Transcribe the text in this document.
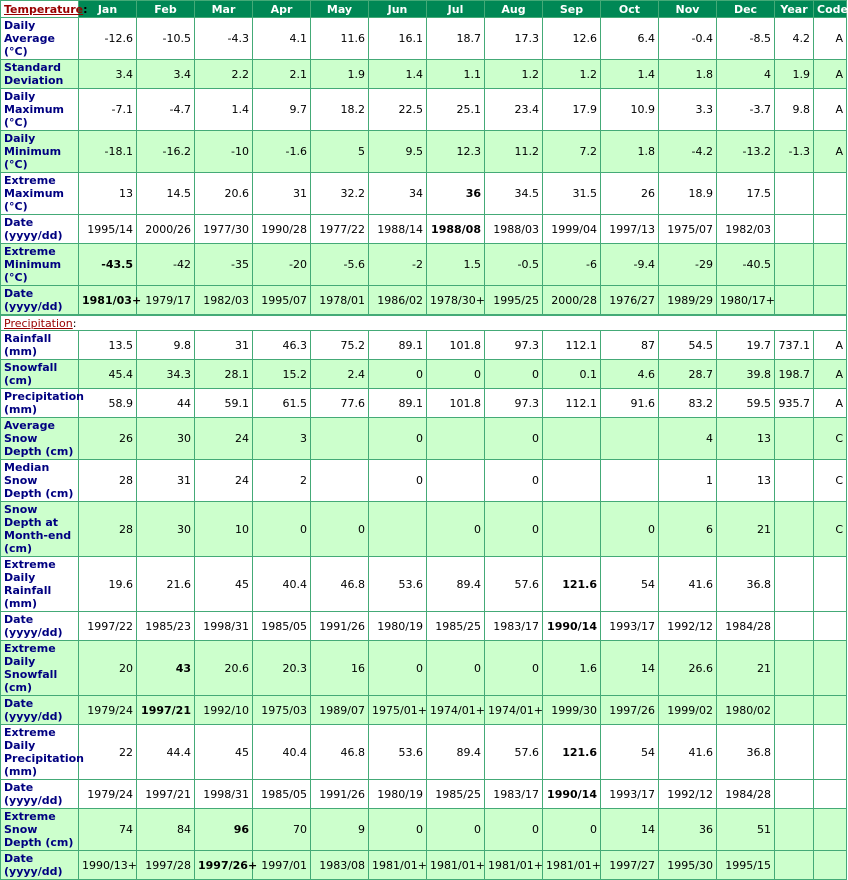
Temperature:	Jan	Feb	Mar	Apr	May	Jun	Jul	Aug	Sep	Oct	Nov	Dec	Year	Code
Daily Average (°C)	-12.6	-10.5	-4.3	4.1	11.6	16.1	18.7	17.3	12.6	6.4	-0.4	-8.5	4.2	A
Standard Deviation	3.4	3.4	2.2	2.1	1.9	1.4	1.1	1.2	1.2	1.4	1.8	4	1.9	A
Daily Maximum (°C)	-7.1	-4.7	1.4	9.7	18.2	22.5	25.1	23.4	17.9	10.9	3.3	-3.7	9.8	A
Daily Minimum (°C)	-18.1	-16.2	-10	-1.6	5	9.5	12.3	11.2	7.2	1.8	-4.2	-13.2	-1.3	A
Extreme Maximum (°C)	13	14.5	20.6	31	32.2	34	36	34.5	31.5	26	18.9	17.5		
Date (yyyy/dd)	1995/14	2000/26	1977/30	1990/28	1977/22	1988/14	1988/08	1988/03	1999/04	1997/13	1975/07	1982/03		
Extreme Minimum (°C)	-43.5	-42	-35	-20	-5.6	-2	1.5	-0.5	-6	-9.4	-29	-40.5		
Date (yyyy/dd)	1981/03+	1979/17	1982/03	1995/07	1978/01	1986/02	1978/30+	1995/25	2000/28	1976/27	1989/29	1980/17+		
Precipitation:														
Rainfall (mm)	13.5	9.8	31	46.3	75.2	89.1	101.8	97.3	112.1	87	54.5	19.7	737.1	A
Snowfall (cm)	45.4	34.3	28.1	15.2	2.4	0	0	0	0.1	4.6	28.7	39.8	198.7	A
Precipitation (mm)	58.9	44	59.1	61.5	77.6	89.1	101.8	97.3	112.1	91.6	83.2	59.5	935.7	A
Average Snow Depth (cm)	26	30	24	3		0		0			4	13		C
Median Snow Depth (cm)	28	31	24	2		0		0			1	13		C
Snow Depth at Month-end (cm)	28	30	10	0	0		0	0		0	6	21		C
Extreme Daily Rainfall (mm)	19.6	21.6	45	40.4	46.8	53.6	89.4	57.6	121.6	54	41.6	36.8		
Date (yyyy/dd)	1997/22	1985/23	1998/31	1985/05	1991/26	1980/19	1985/25	1983/17	1990/14	1993/17	1992/12	1984/28		
Extreme Daily Snowfall (cm)	20	43	20.6	20.3	16	0	0	0	1.6	14	26.6	21		
Date (yyyy/dd)	1979/24	1997/21	1992/10	1975/03	1989/07	1975/01+	1974/01+	1974/01+	1999/30	1997/26	1999/02	1980/02		
Extreme Daily Precipitation (mm)	22	44.4	45	40.4	46.8	53.6	89.4	57.6	121.6	54	41.6	36.8		
Date (yyyy/dd)	1979/24	1997/21	1998/31	1985/05	1991/26	1980/19	1985/25	1983/17	1990/14	1993/17	1992/12	1984/28		
Extreme Snow Depth (cm)	74	84	96	70	9	0	0	0	0	14	36	51		
Date (yyyy/dd)	1990/13+	1997/28	1997/26+	1997/01	1983/08	1981/01+	1981/01+	1981/01+	1981/01+	1997/27	1995/30	1995/15		
